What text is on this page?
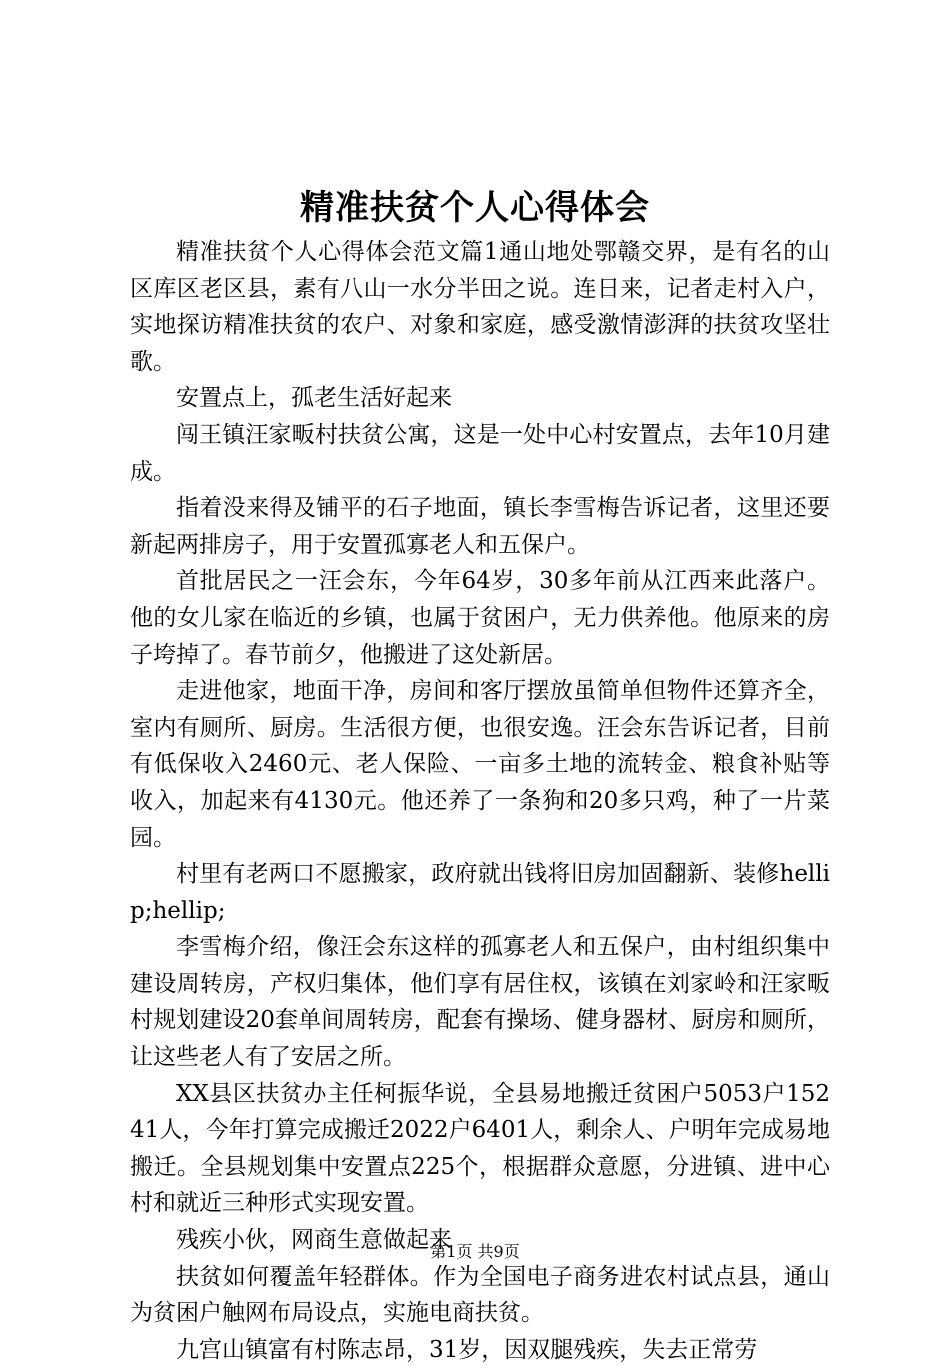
精准扶贫个人心得体会

精准扶贫个人心得体会范文篇1通山地处鄂赣交界，是有名的山区库区老区县，素有八山一水分半田之说。连日来，记者走村入户，实地探访精准扶贫的农户、对象和家庭，感受激情澎湃的扶贫攻坚壮歌。

安置点上，孤老生活好起来

闯王镇汪家畈村扶贫公寓，这是一处中心村安置点，去年10月建成。

指着没来得及铺平的石子地面，镇长李雪梅告诉记者，这里还要新起两排房子，用于安置孤寡老人和五保户。

首批居民之一汪会东，今年64岁，30多年前从江西来此落户。他的女儿家在临近的乡镇，也属于贫困户，无力供养他。他原来的房子垮掉了。春节前夕，他搬进了这处新居。

走进他家，地面干净，房间和客厅摆放虽简单但物件还算齐全，室内有厕所、厨房。生活很方便，也很安逸。汪会东告诉记者，目前有低保收入2460元、老人保险、一亩多土地的流转金、粮食补贴等收入，加起来有4130元。他还养了一条狗和20多只鸡，种了一片菜园。

村里有老两口不愿搬家，政府就出钱将旧房加固翻新、装修hellip;hellip;

李雪梅介绍，像汪会东这样的孤寡老人和五保户，由村组织集中建设周转房，产权归集体，他们享有居住权，该镇在刘家岭和汪家畈村规划建设20套单间周转房，配套有操场、健身器材、厨房和厕所，让这些老人有了安居之所。

XX县区扶贫办主任柯振华说，全县易地搬迁贫困户5053户15241人，今年打算完成搬迁2022户6401人，剩余人、户明年完成易地搬迁。全县规划集中安置点225个，根据群众意愿，分进镇、进中心村和就近三种形式实现安置。

残疾小伙，网商生意做起来

扶贫如何覆盖年轻群体。作为全国电子商务进农村试点县，通山为贫困户触网布局设点，实施电商扶贫。

九宫山镇富有村陈志昂，31岁，因双腿残疾，失去正常劳

第1页 共9页
